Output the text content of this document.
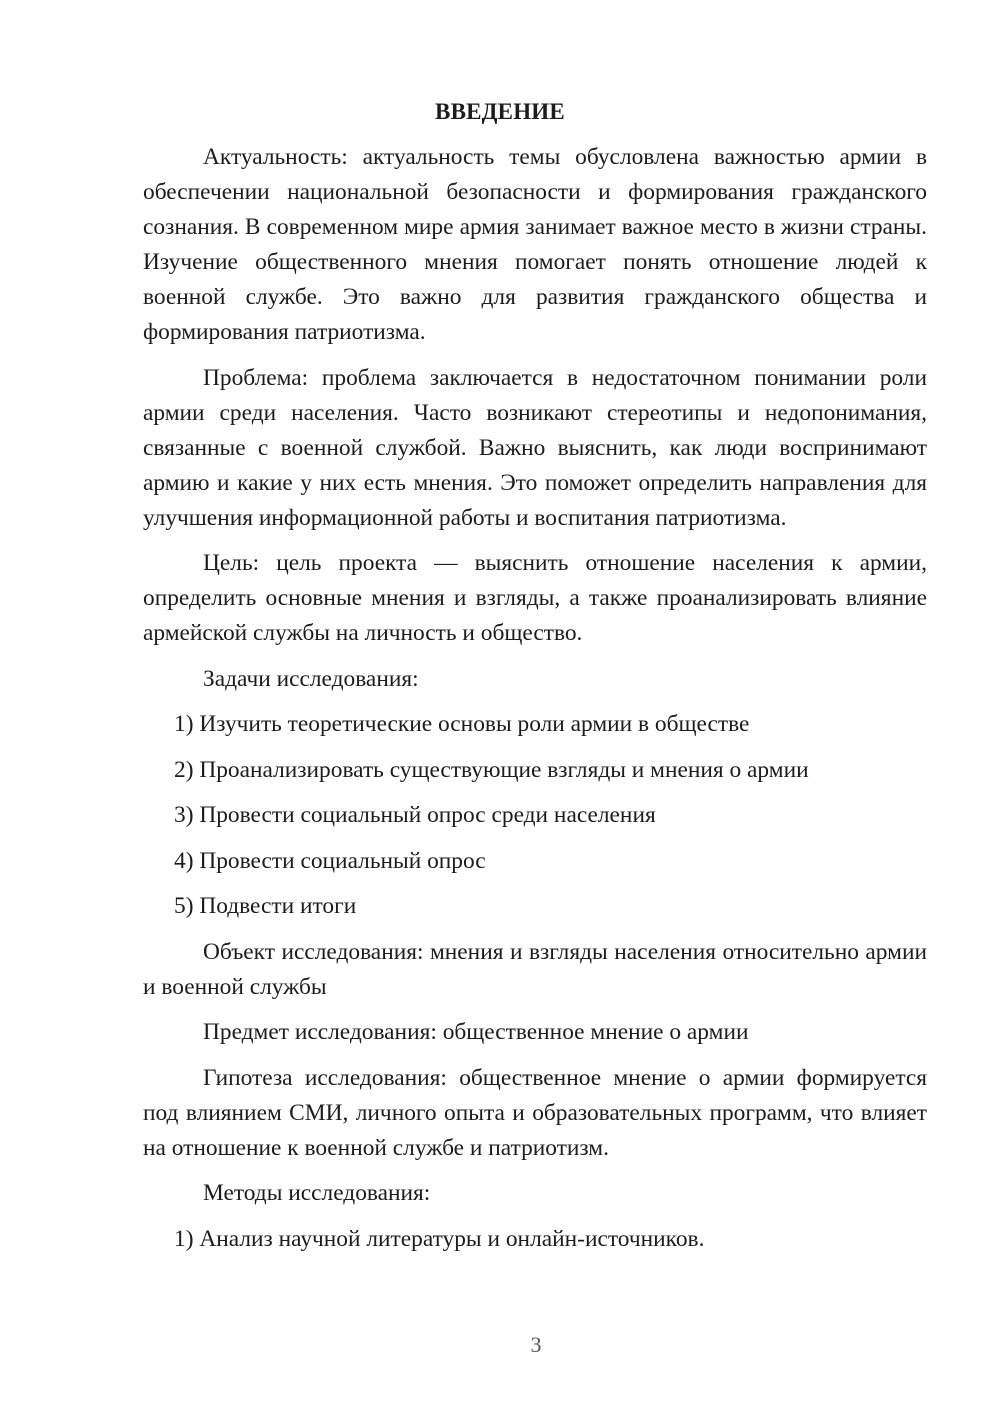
ВВЕДЕНИЕ

Актуальность: актуальность темы обусловлена важностью армии в обеспечении национальной безопасности и формирования гражданского сознания. В современном мире армия занимает важное место в жизни страны. Изучение общественного мнения помогает понять отношение людей к военной службе. Это важно для развития гражданского общества и формирования патриотизма.

Проблема: проблема заключается в недостаточном понимании роли армии среди населения. Часто возникают стереотипы и недопонимания, связанные с военной службой. Важно выяснить, как люди воспринимают армию и какие у них есть мнения. Это поможет определить направления для улучшения информационной работы и воспитания патриотизма.

Цель: цель проекта — выяснить отношение населения к армии, определить основные мнения и взгляды, а также проанализировать влияние армейской службы на личность и общество.

Задачи исследования:

1) Изучить теоретические основы роли армии в обществе

2) Проанализировать существующие взгляды и мнения о армии

3) Провести социальный опрос среди населения

4) Провести социальный опрос

5) Подвести итоги

Объект исследования: мнения и взгляды населения относительно армии и военной службы

Предмет исследования: общественное мнение о армии

Гипотеза исследования: общественное мнение о армии формируется под влиянием СМИ, личного опыта и образовательных программ, что влияет на отношение к военной службе и патриотизм.

Методы исследования:

1) Анализ научной литературы и онлайн-источников.

3
